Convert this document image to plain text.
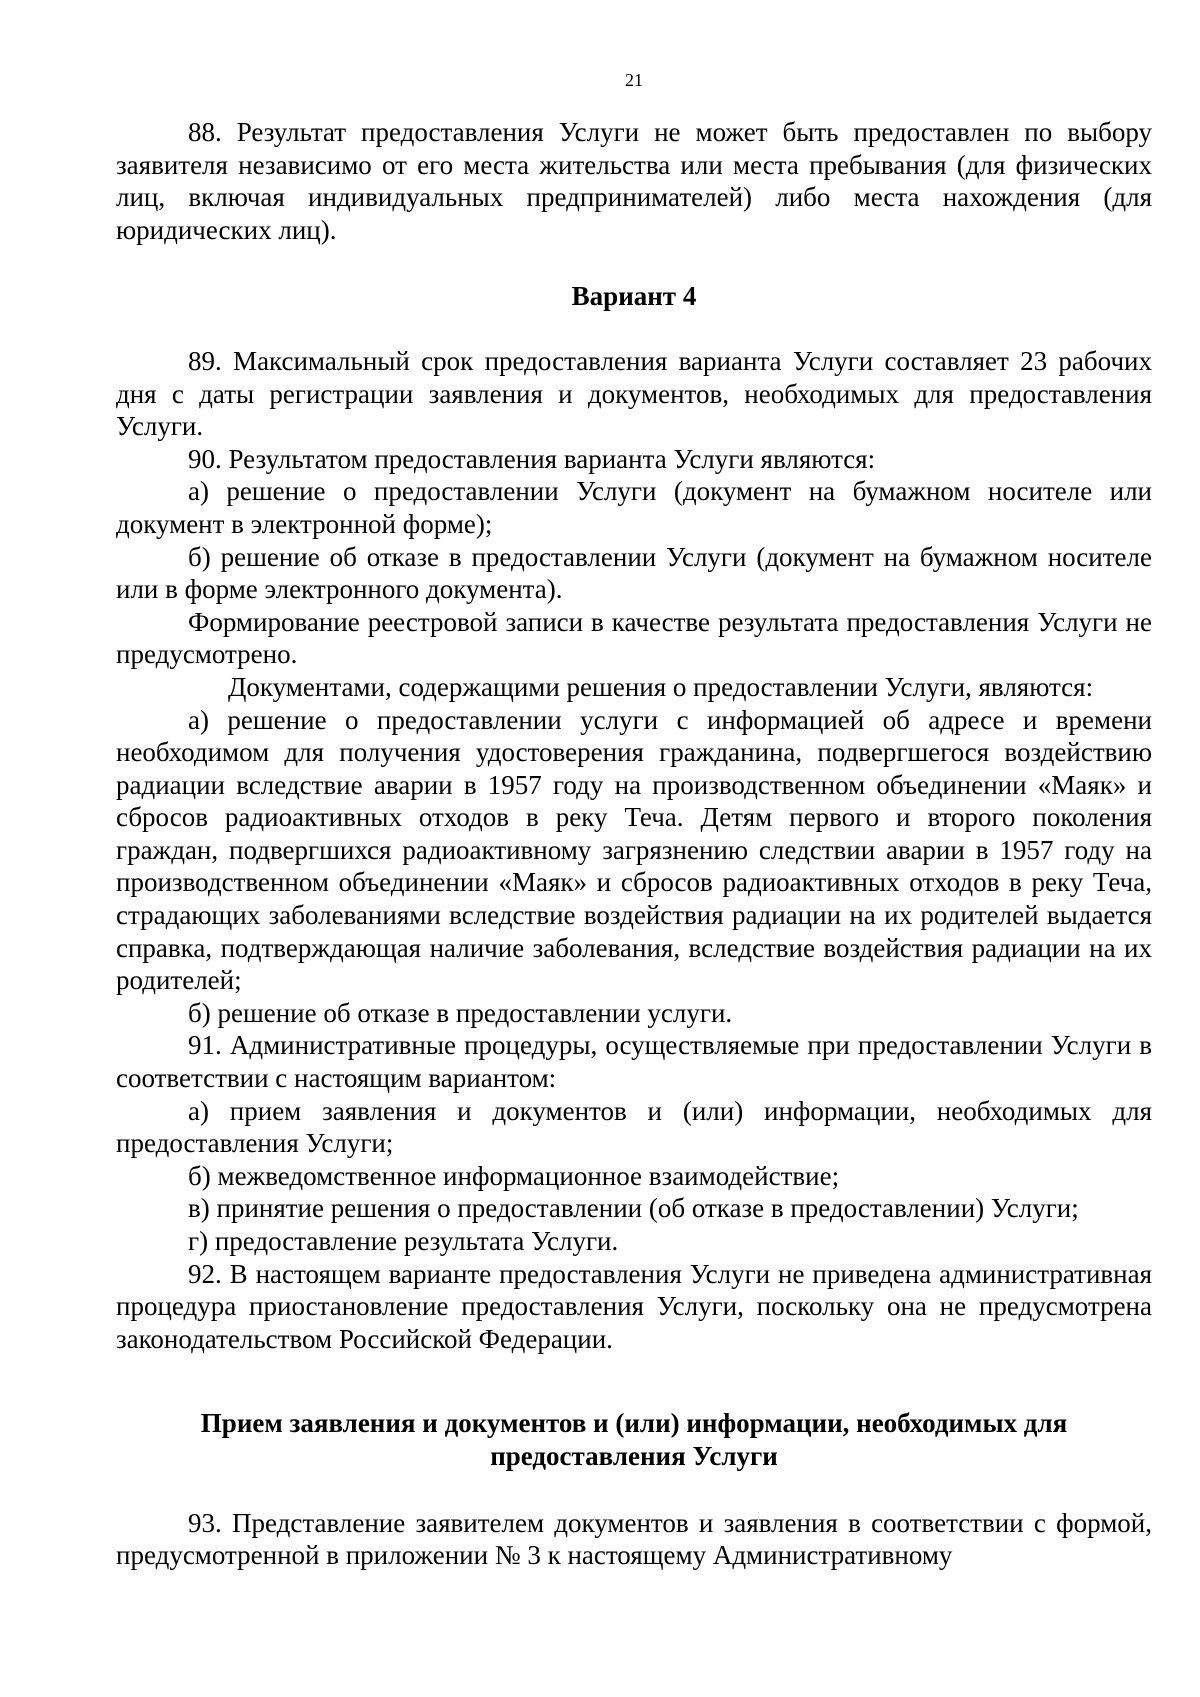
21
88. Результат предоставления Услуги не может быть предоставлен по выбору заявителя независимо от его места жительства или места пребывания (для физических лиц, включая индивидуальных предпринимателей) либо места нахождения (для юридических лиц).
Вариант 4
89. Максимальный срок предоставления варианта Услуги составляет 23 рабочих дня с даты регистрации заявления и документов, необходимых для предоставления Услуги.
90. Результатом предоставления варианта Услуги являются:
а) решение о предоставлении Услуги (документ на бумажном носителе или документ в электронной форме);
б) решение об отказе в предоставлении Услуги (документ на бумажном носителе или в форме электронного документа).
Формирование реестровой записи в качестве результата предоставления Услуги не предусмотрено.
Документами, содержащими решения о предоставлении Услуги, являются:
а) решение о предоставлении услуги с информацией об адресе и времени необходимом для получения удостоверения гражданина, подвергшегося воздействию радиации вследствие аварии в 1957 году на производственном объединении «Маяк» и сбросов радиоактивных отходов в реку Теча. Детям первого и второго поколения граждан, подвергшихся радиоактивному загрязнению следствии аварии в 1957 году на производственном объединении «Маяк» и сбросов радиоактивных отходов в реку Теча, страдающих заболеваниями вследствие воздействия радиации на их родителей выдается справка, подтверждающая наличие заболевания, вследствие воздействия радиации на их родителей;
б) решение об отказе в предоставлении услуги.
91. Административные процедуры, осуществляемые при предоставлении Услуги в соответствии с настоящим вариантом:
а) прием заявления и документов и (или) информации, необходимых для предоставления Услуги;
б) межведомственное информационное взаимодействие;
в) принятие решения о предоставлении (об отказе в предоставлении) Услуги;
г) предоставление результата Услуги.
92. В настоящем варианте предоставления Услуги не приведена административная процедура приостановление предоставления Услуги, поскольку она не предусмотрена законодательством Российской Федерации.
Прием заявления и документов и (или) информации, необходимых для предоставления Услуги
93. Представление заявителем документов и заявления в соответствии с формой, предусмотренной в приложении № 3 к настоящему Административному
